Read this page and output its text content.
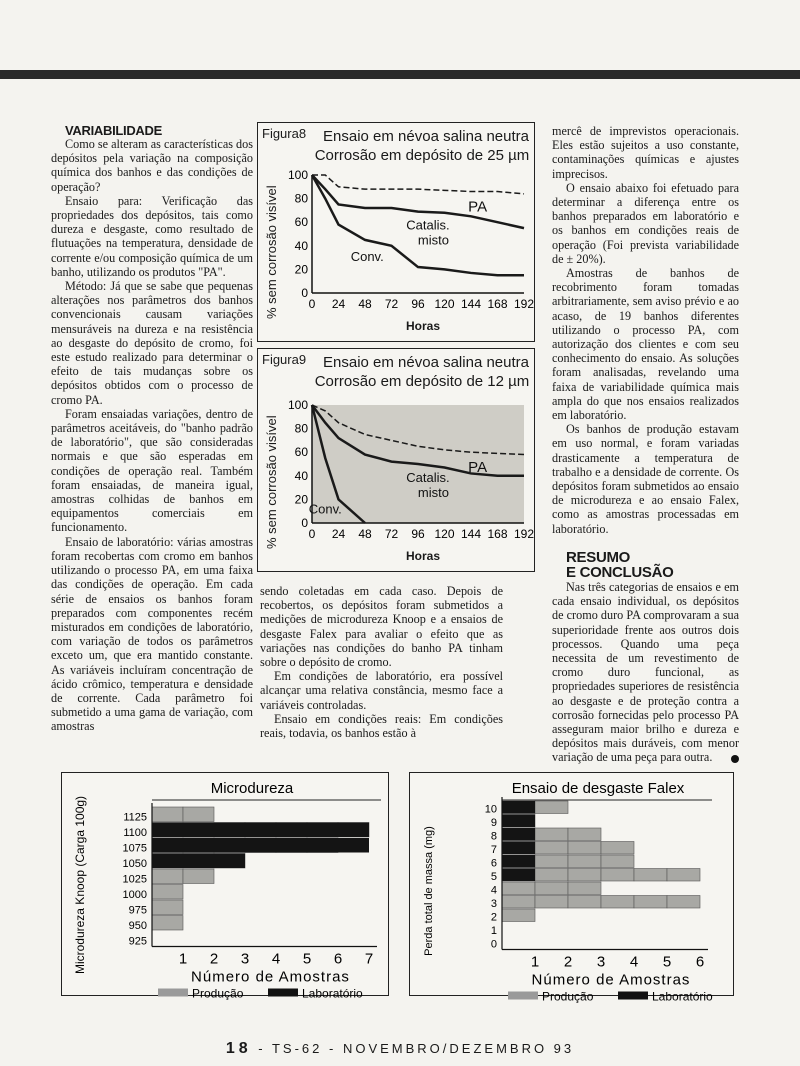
VARIABILIDADE

Como se alteram as características dos depósitos pela variação na composição química dos banhos e das condições de operação?

Ensaio para: Verificação das propriedades dos depósitos, tais como dureza e desgaste, como resultado de flutuações na temperatura, densidade de corrente e/ou composição química de um banho, utilizando os produtos "PA".

Método: Já que se sabe que pequenas alterações nos parâmetros dos banhos convencionais causam variações mensuráveis na dureza e na resistência ao desgaste do depósito de cromo, foi este estudo realizado para determinar o efeito de tais mudanças sobre os depósitos obtidos com o processo de cromo PA.

Foram ensaiadas variações, dentro de parâmetros aceitáveis, do "banho padrão de laboratório", que são consideradas normais e que são esperadas em condições de operação real. Também foram ensaiadas, de maneira igual, amostras colhidas de banhos em equipamentos comerciais em funcionamento.

Ensaio de laboratório: várias amostras foram recobertas com cromo em banhos utilizando o processo PA, em uma faixa das condições de operação. Em cada série de ensaios os banhos foram preparados com componentes recém misturados em condições de laboratório, com variação de todos os parâmetros exceto um, que era mantido constante. As variáveis incluíram concentração de ácido crômico, temperatura e densidade de corrente. Cada parâmetro foi submetido a uma gama de variação, com amostras

sendo coletadas em cada caso. Depois de recobertos, os depósitos foram submetidos a medições de microdureza Knoop e a ensaios de desgaste Falex para avaliar o efeito que as variações nas condições do banho PA tinham sobre o depósito de cromo.

Em condições de laboratório, era possível alcançar uma relativa constância, mesmo face a variáveis controladas.

Ensaio em condições reais: Em condições reais, todavia, os banhos estão à

mercê de imprevistos operacionais. Eles estão sujeitos a uso constante, contaminações químicas e ajustes imprecisos.

O ensaio abaixo foi efetuado para determinar a diferença entre os banhos preparados em laboratório e os banhos em condições reais de operação (Foi prevista variabilidade de ± 20%).

Amostras de banhos de recobrimento foram tomadas arbitrariamente, sem aviso prévio e ao acaso, de 19 banhos diferentes utilizando o processo PA, com autorização dos clientes e com seu conhecimento do ensaio. As soluções foram analisadas, revelando uma faixa de variabilidade química mais ampla do que nos ensaios realizados em laboratório.

Os banhos de produção estavam em uso normal, e foram variadas drasticamente a temperatura de trabalho e a densidade de corrente. Os depósitos foram submetidos ao ensaio de microdureza e ao ensaio Falex, como as amostras processadas em laboratório.

RESUMO

E CONCLUSÃO

Nas três categorias de ensaios e em cada ensaio individual, os depósitos de cromo duro PA comprovaram a sua superioridade frente aos outros dois processos. Quando uma peça necessita de um revestimento de cromo duro funcional, as propriedades superiores de resistência ao desgaste e de proteção contra a corrosão fornecidas pelo processo PA asseguram maior brilho e dureza e depósitos mais duráveis, com menor variação de uma peça para outra.

Figura8 Ensaio em névoa salina neutra
Corrosão em depósito de 25 µm
% sem corrosão visível 0
20
40
60
80
100
0 24 48 72 96 120 144 168 192
PA
Catalis.
misto
Conv.
Horas
Figura9 Ensaio em névoa salina neutra
Corrosão em depósito de 12 µm
% sem corrosão visível 0
20
40
60
80
100
0 24 48 72 96 120 144 168 192
PA
Catalis.
misto
Conv.
Horas
Microdureza
Microdureza Knoop (Carga 100g)	1125
1100
1075
1050
1025
1000
975
950
925
1 2 3 4 5 6 7
Número de Amostras
Produção	Laboratório
Ensaio de desgaste Falex
Perda total de massa (mg)
10
9
8
7
6
5
4
3
2
1
0
1 2 3 4 5 6
Número de Amostras
Produção	Laboratório
18 - TS-62 - NOVEMBRO/DEZEMBRO 93
